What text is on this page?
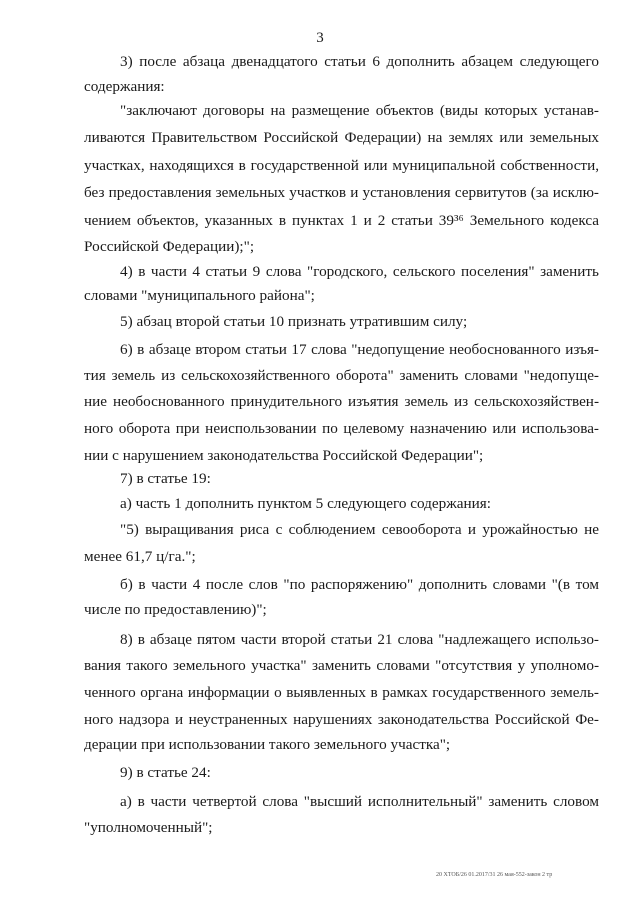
3
3) после абзаца двенадцатого статьи 6 дополнить абзацем следующего
содержания:
"заключают договоры на размещение объектов (виды которых устанав-
ливаются Правительством Российской Федерации) на землях или земельных
участках, находящихся в государственной или муниципальной собственности,
без предоставления земельных участков и установления сервитутов (за исклю-
чением объектов, указанных в пунктах 1 и 2 статьи 39³⁶ Земельного кодекса
Российской Федерации);";
4) в части 4 статьи 9 слова "городского, сельского поселения" заменить
словами "муниципального района";
5) абзац второй статьи 10 признать утратившим силу;
6) в абзаце втором статьи 17 слова "недопущение необоснованного изъя-
тия земель из сельскохозяйственного оборота" заменить словами "недопуще-
ние необоснованного принудительного изъятия земель из сельскохозяйствен-
ного оборота при неиспользовании по целевому назначению или использова-
нии с нарушением законодательства Российской Федерации";
7) в статье 19:
а) часть 1 дополнить пунктом 5 следующего содержания:
"5) выращивания риса с соблюдением севооборота и урожайностью не
менее 61,7 ц/га.";
б) в части 4 после слов "по распоряжению" дополнить словами "(в том
числе по предоставлению)";
8) в абзаце пятом части второй статьи 21 слова "надлежащего использо-
вания такого земельного участка" заменить словами "отсутствия у уполномо-
ченного органа информации о выявленных в рамках государственного земель-
ного надзора и неустраненных нарушениях законодательства Российской Фе-
дерации при использовании такого земельного участка";
9) в статье 24:
а) в части четвертой слова "высший исполнительный" заменить словом
"уполномоченный";
20 ХТОБ/26 01.2017/31 26 мая-552-закон 2 тр
